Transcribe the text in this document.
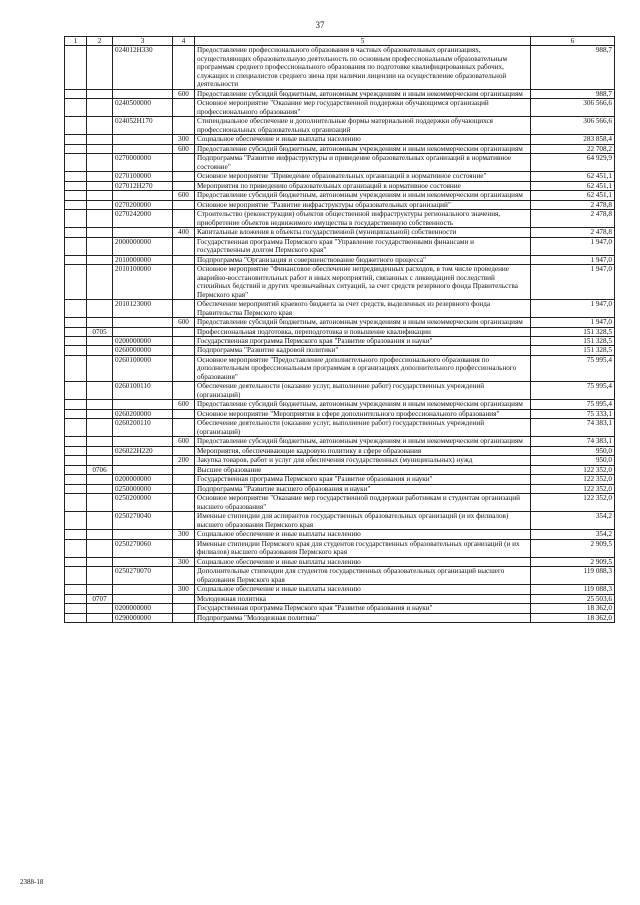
37
1	2	3	4	5	6
		024012Н330		Предоставление профессионального образования в частных образовательных организациях, осуществляющих образовательную деятельность по основным профессиональным образовательным программам среднего профессионального образования по подготовке квалифицированных рабочих, служащих и специалистов среднего звена при наличии лицензии на осуществление образовательной деятельности	988,7
			600	Предоставление субсидий бюджетным, автономным учреждениям и иным некоммерческим организациям	988,7
		0240500000		Основное мероприятие "Оказание мер государственной поддержки обучающимся организаций профессионального образования"	306 566,6
		024052Н170		Стипендиальное обеспечение и дополнительные формы материальной поддержки обучающихся профессиональных образовательных организаций	306 566,6
			300	Социальное обеспечение и иные выплаты населению	283 858,4
			600	Предоставление субсидий бюджетным, автономным учреждениям и иным некоммерческим организациям	22 708,2
		0270000000		Подпрограмма "Развитие инфраструктуры и приведение образовательных организаций в нормативное состояние"	64 929,9
		0270100000		Основное мероприятие "Приведение образовательных организаций в нормативное состояние"	62 451,1
		027012Н270		Мероприятия по приведению образовательных организаций в нормативное состояние	62 451,1
			600	Предоставление субсидий бюджетным, автономным учреждениям и иным некоммерческим организациям	62 451,1
		0270200000		Основное мероприятие "Развитие инфраструктуры образовательных организаций"	2 478,8
		0270242000		Строительство (реконструкция) объектов общественной инфраструктуры регионального значения, приобретение объектов недвижимого имущества в государственную собственность	2 478,8
			400	Капитальные вложения в объекты государственной (муниципальной) собственности	2 478,8
		2000000000		Государственная программа Пермского края "Управление государственными финансами и государственным долгом Пермского края"	1 947,0
		2010000000		Подпрограмма "Организация и совершенствование бюджетного процесса"	1 947,0
		2010100000		Основное мероприятие "Финансовое обеспечение непредвиденных расходов, в том числе проведение аварийно-восстановительных работ и иных мероприятий, связанных с ликвидацией последствий стихийных бедствий и других чрезвычайных ситуаций, за счет средств резервного фонда Правительства Пермского края"	1 947,0
		2010123000		Обеспечение мероприятий краевого бюджета за счет средств, выделенных из резервного фонда Правительства Пермского края	1 947,0
			600	Предоставление субсидий бюджетным, автономным учреждениям и иным некоммерческим организациям	1 947,0
	0705			Профессиональная подготовка, переподготовка и повышение квалификации	151 328,5
		0200000000		Государственная программа Пермского края "Развитие образования и науки"	151 328,5
		0260000000		Подпрограмма "Развитие кадровой политики"	151 328,5
		0260100000		Основное мероприятие "Предоставление дополнительного профессионального образования по дополнительным профессиональным программам в организациях дополнительного профессионального образования"	75 995,4
		0260100110		Обеспечение деятельности (оказание услуг, выполнение работ) государственных учреждений (организаций)	75 995,4
			600	Предоставление субсидий бюджетным, автономным учреждениям и иным некоммерческим организациям	75 995,4
		0260200000		Основное мероприятие "Мероприятия в сфере дополнительного профессионального образования"	75 333,1
		0260200110		Обеспечение деятельности (оказание услуг, выполнение работ) государственных учреждений (организаций)	74 383,1
			600	Предоставление субсидий бюджетным, автономным учреждениям и иным некоммерческим организациям	74 383,1
		026022Н220		Мероприятия, обеспечивающие кадровую политику в сфере образования	950,0
			200	Закупка товаров, работ и услуг для обеспечения государственных (муниципальных) нужд	950,0
	0706			Высшее образование	122 352,0
		0200000000		Государственная программа Пермского края "Развитие образования и науки"	122 352,0
		0250000000		Подпрограмма "Развитие высшего образования и науки"	122 352,0
		0250200000		Основное мероприятие "Оказание мер государственной поддержки работникам и студентам организаций высшего образования"	122 352,0
		0250270040		Именные стипендии для аспирантов государственных образовательных организаций (и их филиалов) высшего образования Пермского края	354,2
			300	Социальное обеспечение и иные выплаты населению	354,2
		0250270060		Именные стипендии Пермского края для студентов государственных образовательных организаций (и их филиалов) высшего образования Пермского края	2 909,5
			300	Социальное обеспечение и иные выплаты населению	2 909,5
		0250270070		Дополнительные стипендии для студентов государственных образовательных организаций высшего образования Пермского края	119 088,3
			300	Социальное обеспечение и иные выплаты населению	119 088,3
	0707			Молодежная политика	25 503,6
		0200000000		Государственная программа Пермского края "Развитие образования и науки"	18 362,0
		0290000000		Подпрограмма "Молодежная политика"	18 362,0
2388-18
